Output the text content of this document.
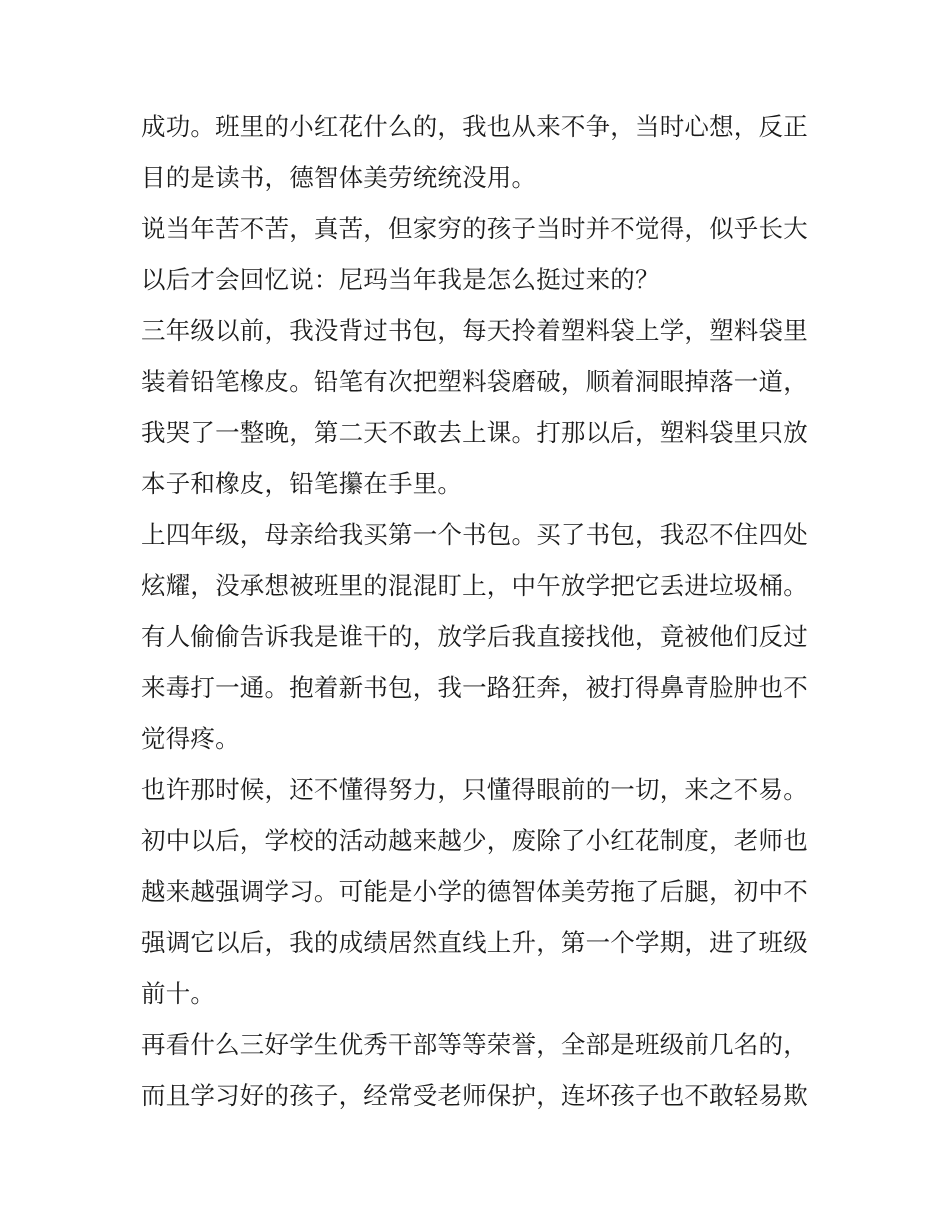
成功。班里的小红花什么的，我也从来不争，当时心想，反正
目的是读书，德智体美劳统统没用。
说当年苦不苦，真苦，但家穷的孩子当时并不觉得，似乎长大
以后才会回忆说：尼玛当年我是怎么挺过来的？
三年级以前，我没背过书包，每天拎着塑料袋上学，塑料袋里
装着铅笔橡皮。铅笔有次把塑料袋磨破，顺着洞眼掉落一道，
我哭了一整晚，第二天不敢去上课。打那以后，塑料袋里只放
本子和橡皮，铅笔攥在手里。
上四年级，母亲给我买第一个书包。买了书包，我忍不住四处
炫耀，没承想被班里的混混盯上，中午放学把它丢进垃圾桶。
有人偷偷告诉我是谁干的，放学后我直接找他，竟被他们反过
来毒打一通。抱着新书包，我一路狂奔，被打得鼻青脸肿也不
觉得疼。
也许那时候，还不懂得努力，只懂得眼前的一切，来之不易。
初中以后，学校的活动越来越少，废除了小红花制度，老师也
越来越强调学习。可能是小学的德智体美劳拖了后腿，初中不
强调它以后，我的成绩居然直线上升，第一个学期，进了班级
前十。
再看什么三好学生优秀干部等等荣誉，全部是班级前几名的，
而且学习好的孩子，经常受老师保护，连坏孩子也不敢轻易欺
